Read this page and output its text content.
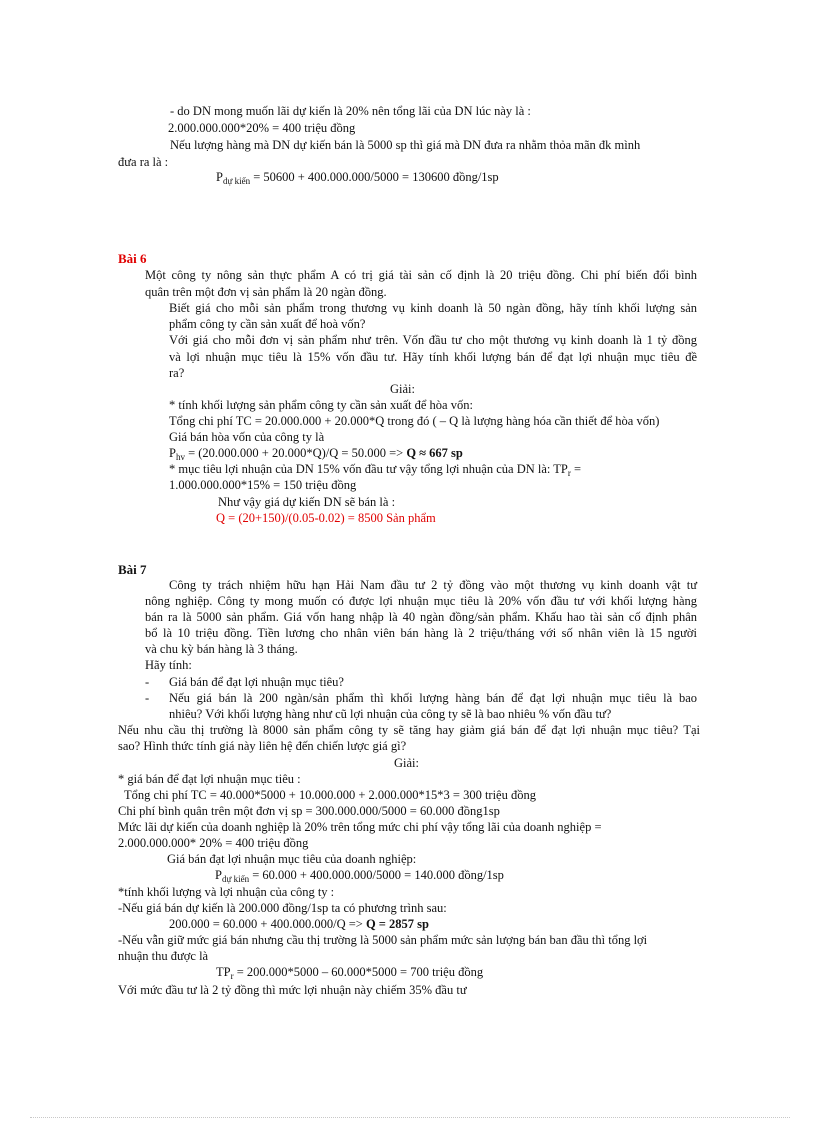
- do DN mong muốn lãi dự kiến là 20% nên tổng lãi của DN lúc này là :
2.000.000.000*20% = 400 triệu đồng
Nếu lượng hàng mà DN dự kiến bán là 5000 sp thì giá mà DN đưa ra nhằm thỏa mãn đk mình
đưa ra là :
$P_{dự kiến} = 50600 + 400.000.000/5000 = 130600$ đồng/1sp
Bài 6
Một công ty nông sản thực phẩm A có trị giá tài sản cố định là 20 triệu đồng. Chi phí biến đổi bình
quân trên một đơn vị sản phẩm là 20 ngàn đồng.
Biết giá cho mỗi sản phẩm trong thương vụ kinh doanh là 50 ngàn đồng, hãy tính khối lượng sản
phẩm công ty cần sản xuất để hoà vốn?
Với giá cho mỗi đơn vị sản phẩm như trên. Vốn đầu tư cho một thương vụ kinh doanh là 1 tỷ đồng
và lợi nhuận mục tiêu là 15% vốn đầu tư. Hãy tính khối lượng bán để đạt lợi nhuận mục tiêu đề
ra?
Giải:
* tính khối lượng sản phẩm công ty cần sản xuất để hòa vốn:
Tổng chi phí TC = 20.000.000 + 20.000*Q trong đó ( – Q là lượng hàng hóa cần thiết để hòa vốn)
Giá bán hòa vốn của công ty là
$P_{hv} = (20.000.000 + 20.000*Q)/Q = 50.000 => Q \approx 667$ sp
* mục tiêu lợi nhuận của DN 15% vốn đầu tư vậy tổng lợi nhuận của DN là: $TP_r$ =
1.000.000.000*15% = 150 triệu đồng
Như vậy giá dự kiến DN sẽ bán là :
Q = (20+150)/(0.05-0.02) = 8500 Sản phẩm
Bài 7
Công ty trách nhiệm hữu hạn Hải Nam đầu tư 2 tỷ đồng vào một thương vụ kinh doanh vật tư
nông nghiệp. Công ty mong muốn có được lợi nhuận mục tiêu là 20% vốn đầu tư với khối lượng hàng
bán ra là 5000 sản phẩm. Giá vốn hang nhập là 40 ngàn đồng/sản phẩm. Khấu hao tài sản cố định phân
bổ là 10 triệu đồng. Tiền lương cho nhân viên bán hàng là 2 triệu/tháng với số nhân viên là 15 người
và chu kỳ bán hàng là 3 tháng.
Hãy tính:
- Giá bán để đạt lợi nhuận mục tiêu?
- Nếu giá bán là 200 ngàn/sản phẩm thì khối lượng hàng bán để đạt lợi nhuận mục tiêu là bao
nhiêu? Với khối lượng hàng như cũ lợi nhuận của công ty sẽ là bao nhiêu % vốn đầu tư?
Nếu nhu cầu thị trường là 8000 sản phẩm công ty sẽ tăng hay giảm giá bán để đạt lợi nhuận mục tiêu? Tại
sao? Hình thức tính giá này liên hệ đến chiến lược giá gì?
Giải:
* giá bán để đạt lợi nhuận mục tiêu :
Tổng chi phí TC = 40.000*5000 + 10.000.000 + 2.000.000*15*3 = 300 triệu đồng
Chi phí bình quân trên một đơn vị sp = 300.000.000/5000 = 60.000 đồng1sp
Mức lãi dự kiến của doanh nghiệp là 20% trên tổng mức chi phí vậy tổng lãi của doanh nghiệp =
2.000.000.000* 20% = 400 triệu đồng
Giá bán đạt lợi nhuận mục tiêu của doanh nghiệp:
$P_{dự kiến} = 60.000 + 400.000.000/5000 = 140.000$ đồng/1sp
*tính khối lượng và lợi nhuận của công ty :
-Nếu giá bán dự kiến là 200.000 đồng/1sp ta có phương trình sau:
200.000 = 60.000 + 400.000.000/Q => Q = 2857 sp
-Nếu vẫn giữ mức giá bán nhưng cầu thị trường là 5000 sản phẩm mức sản lượng bán ban đầu thì tổng lợi
nhuận thu được là
$TP_r = 200.000*5000 - 60.000*5000 = 700$ triệu đồng
Với mức đầu tư là 2 tỷ đồng thì mức lợi nhuận này chiếm 35% đầu tư
